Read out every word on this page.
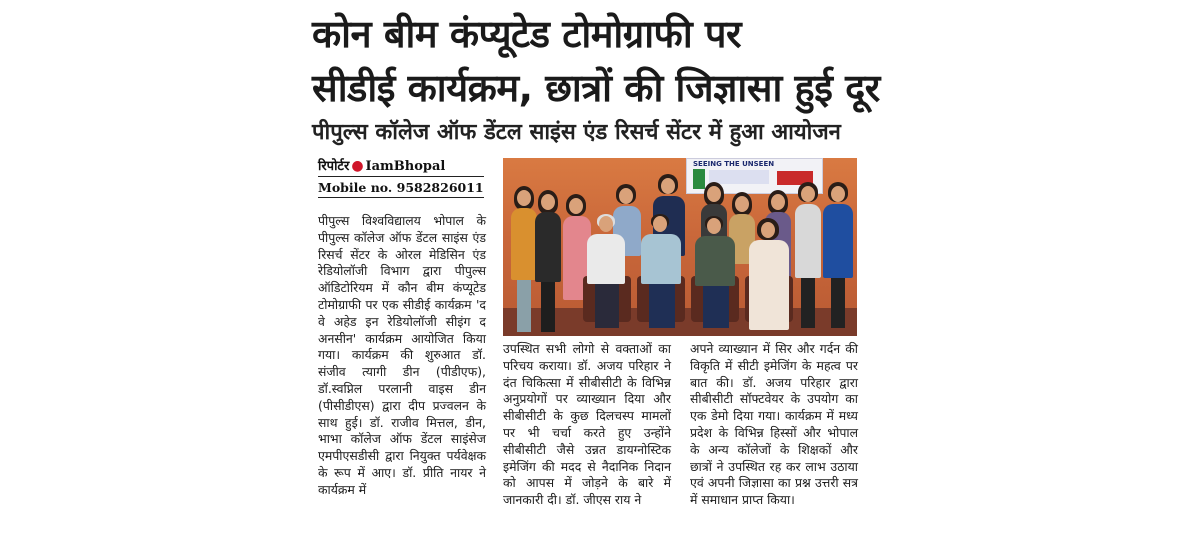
कोन बीम कंप्यूटेड टोमोग्राफी पर
सीडीई कार्यक्रम, छात्रों की जिज्ञासा हुई दूर
पीपुल्स कॉलेज ऑफ डेंटल साइंस एंड रिसर्च सेंटर में हुआ आयोजन
रिपोर्टर ● IamBhopal
Mobile no. 9582826011

पीपुल्स विश्वविद्यालय भोपाल के पीपुल्स कॉलेज ऑफ डेंटल साइंस एंड रिसर्च सेंटर के ओरल मेडिसिन एंड रेडियोलॉजी विभाग द्वारा पीपुल्स ऑडिटोरियम में कौन बीम कंप्यूटेड टोमोग्राफी पर एक सीडीई कार्यक्रम 'द वे अहेड इन रेडियोलॉजी सीइंग द अनसीन' कार्यक्रम आयोजित किया गया। कार्यक्रम की शुरुआत डॉ. संजीव त्यागी डीन (पीडीएफ), डॉ.स्वप्निल परलानी वाइस डीन (पीसीडीएस) द्वारा दीप प्रज्वलन के साथ हुई। डॉ. राजीव मित्तल, डीन, भाभा कॉलेज ऑफ डेंटल साइंसेज एमपीएसडीसी द्वारा नियुक्त पर्यवेक्षक के रूप में आए। डॉ. प्रीति नायर ने कार्यक्रम में

SEEING THE UNSEEN

उपस्थित सभी लोगो से वक्ताओं का परिचय कराया। डॉ. अजय परिहार ने दंत चिकित्सा में सीबीसीटी के विभिन्न अनुप्रयोगों पर व्याख्यान दिया और सीबीसीटी के कुछ दिलचस्प मामलों पर भी चर्चा करते हुए उन्होंने सीबीसीटी जैसे उन्नत डायग्नोस्टिक इमेजिंग की मदद से नैदानिक निदान को आपस में जोड़ने के बारे में जानकारी दी। डॉ. जीएस राय ने

अपने व्याख्यान में सिर और गर्दन की विकृति में सीटी इमेजिंग के महत्व पर बात की। डॉ. अजय परिहार द्वारा सीबीसीटी सॉफ्टवेयर के उपयोग का एक डेमो दिया गया। कार्यक्रम में मध्य प्रदेश के विभिन्न हिस्सों और भोपाल के अन्य कॉलेजों के शिक्षकों और छात्रों ने उपस्थित रह कर लाभ उठाया एवं अपनी जिज्ञासा का प्रश्न उत्तरी सत्र में समाधान प्राप्त किया।
